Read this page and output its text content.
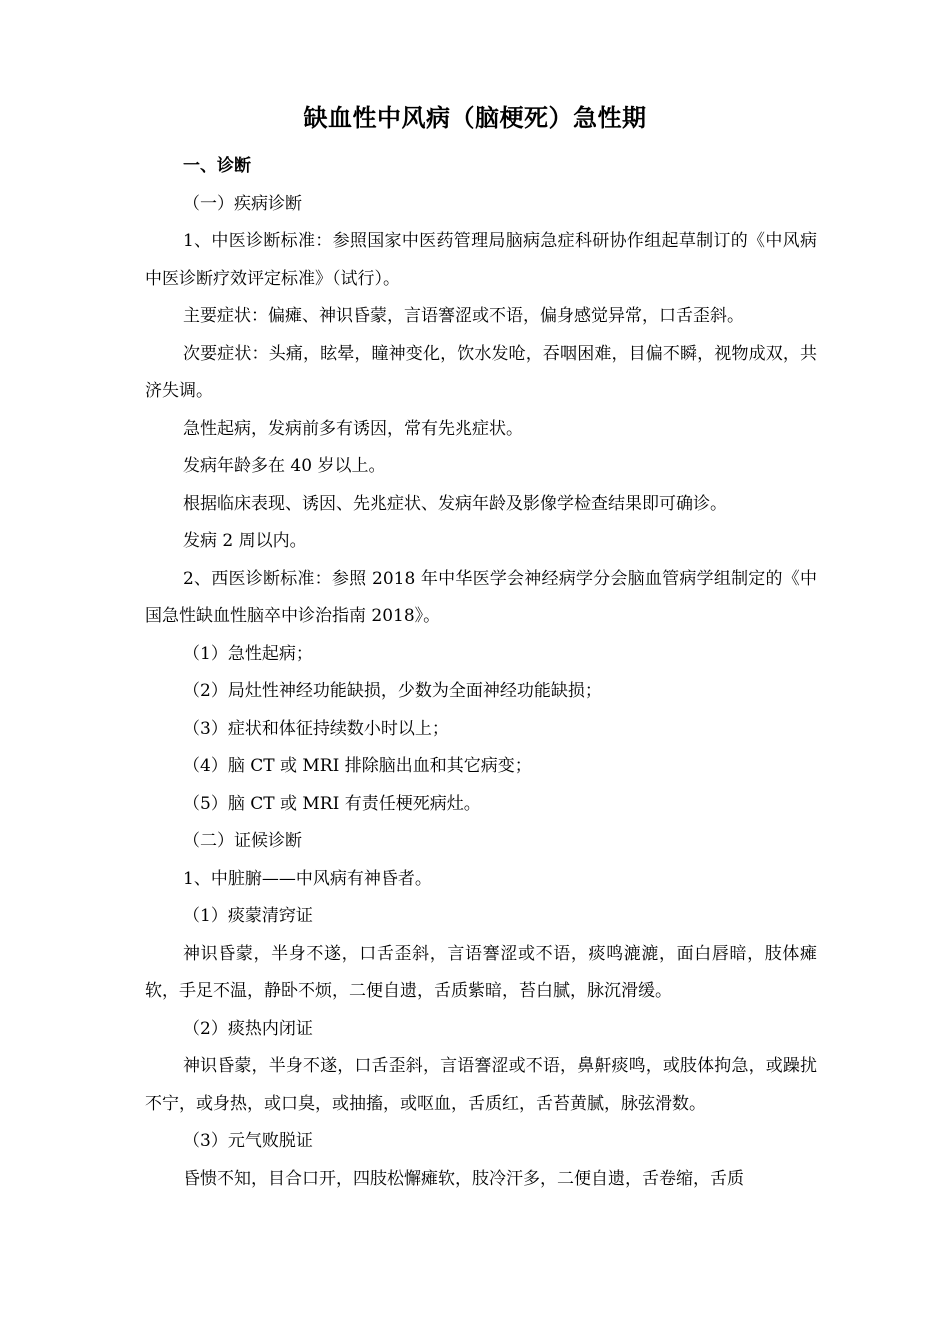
缺血性中风病（脑梗死）急性期

一、诊断

（一）疾病诊断

1、中医诊断标准：参照国家中医药管理局脑病急症科研协作组起草制订的《中风病中医诊断疗效评定标准》（试行）。

主要症状：偏瘫、神识昏蒙，言语謇涩或不语，偏身感觉异常，口舌歪斜。

次要症状：头痛，眩晕，瞳神变化，饮水发呛，吞咽困难，目偏不瞬，视物成双，共济失调。

急性起病，发病前多有诱因，常有先兆症状。

发病年龄多在 40 岁以上。

根据临床表现、诱因、先兆症状、发病年龄及影像学检查结果即可确诊。

发病 2 周以内。

2、西医诊断标准：参照 2018 年中华医学会神经病学分会脑血管病学组制定的《中国急性缺血性脑卒中诊治指南 2018》。

（1）急性起病；

（2）局灶性神经功能缺损，少数为全面神经功能缺损；

（3）症状和体征持续数小时以上；

（4）脑 CT 或 MRI 排除脑出血和其它病变；

（5）脑 CT 或 MRI 有责任梗死病灶。

（二）证候诊断

1、中脏腑——中风病有神昏者。

（1）痰蒙清窍证

神识昏蒙，半身不遂，口舌歪斜，言语謇涩或不语，痰鸣漉漉，面白唇暗，肢体瘫软，手足不温，静卧不烦，二便自遗，舌质紫暗，苔白腻，脉沉滑缓。

（2）痰热内闭证

神识昏蒙，半身不遂，口舌歪斜，言语謇涩或不语，鼻鼾痰鸣，或肢体拘急，或躁扰不宁，或身热，或口臭，或抽搐，或呕血，舌质红，舌苔黄腻，脉弦滑数。

（3）元气败脱证

昏愦不知，目合口开，四肢松懈瘫软，肢冷汗多，二便自遗，舌卷缩，舌质
